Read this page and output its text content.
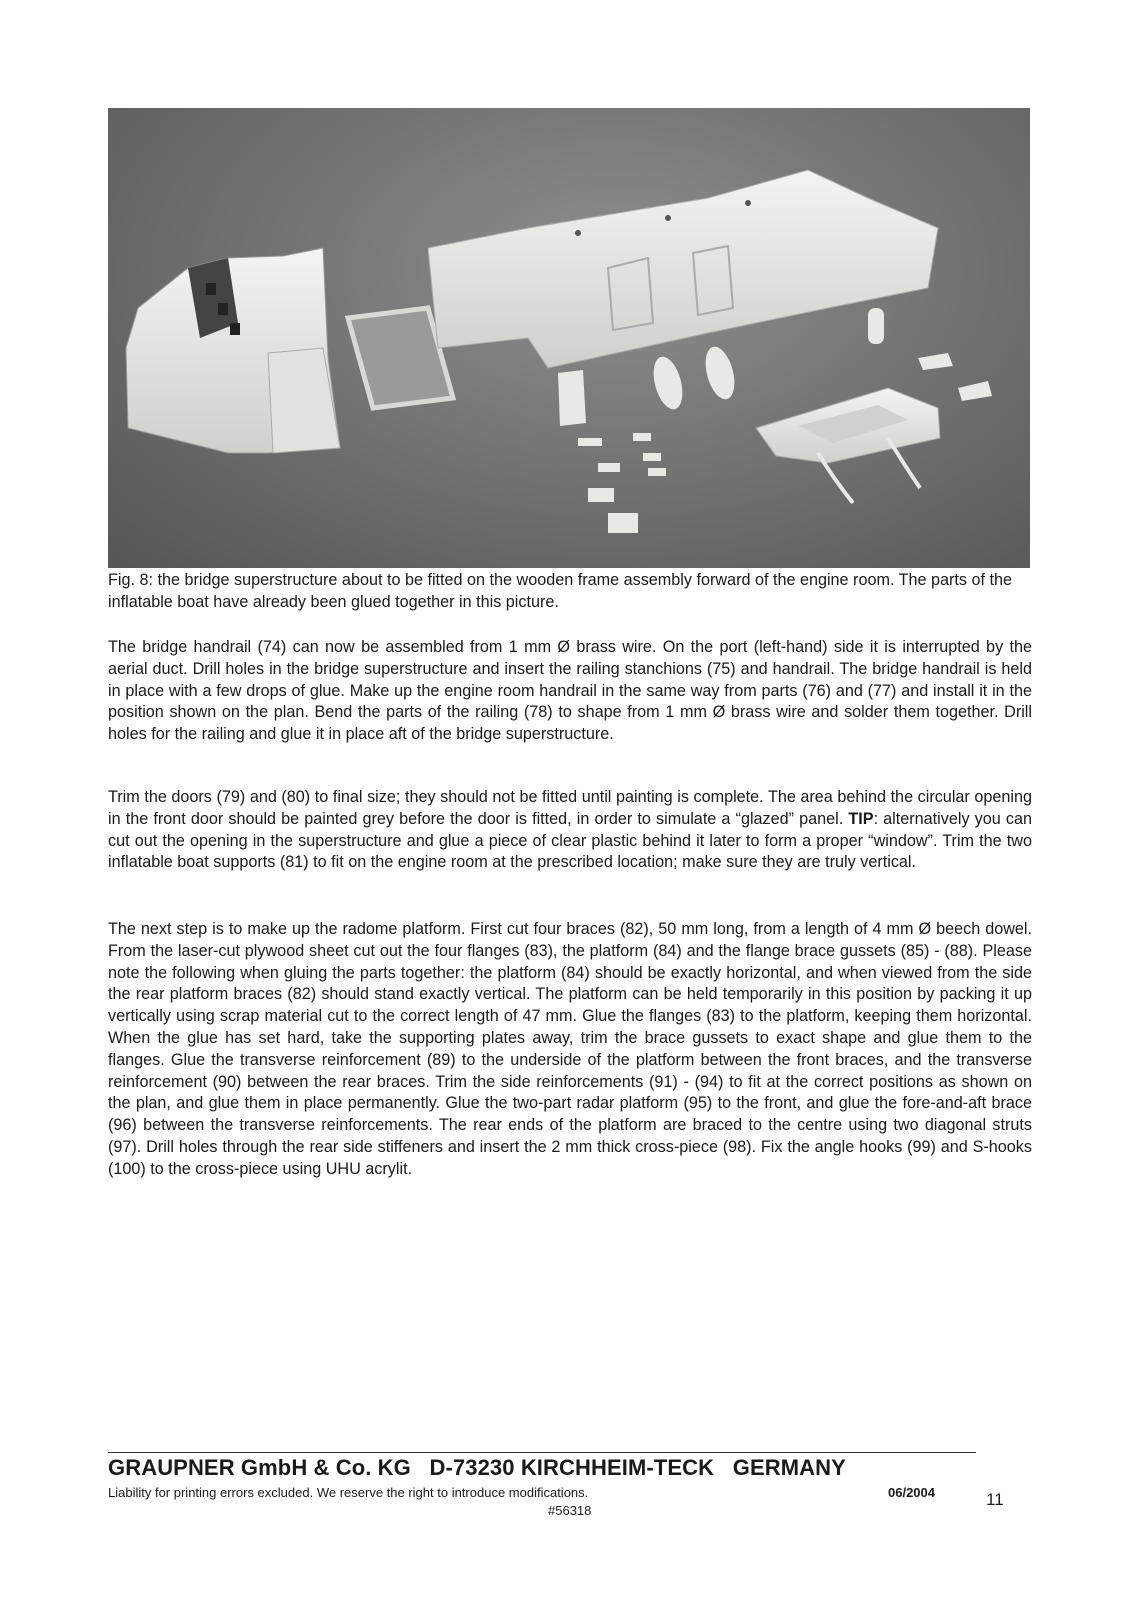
Fig. 8: the bridge superstructure about to be fitted on the wooden frame assembly forward of the engine room. The parts of the inflatable boat have already been glued together in this picture.

The bridge handrail (74) can now be assembled from 1 mm Ø brass wire. On the port (left-hand) side it is interrupted by the aerial duct. Drill holes in the bridge superstructure and insert the railing stanchions (75) and handrail. The bridge handrail is held in place with a few drops of glue. Make up the engine room handrail in the same way from parts (76) and (77) and install it in the position shown on the plan. Bend the parts of the railing (78) to shape from 1 mm Ø brass wire and solder them together. Drill holes for the railing and glue it in place aft of the bridge superstructure.

Trim the doors (79) and (80) to final size; they should not be fitted until painting is complete. The area behind the circular opening in the front door should be painted grey before the door is fitted, in order to simulate a “glazed” panel. TIP: alternatively you can cut out the opening in the superstructure and glue a piece of clear plastic behind it later to form a proper “window”. Trim the two inflatable boat supports (81) to fit on the engine room at the prescribed location; make sure they are truly vertical.

The next step is to make up the radome platform. First cut four braces (82), 50 mm long, from a length of 4 mm Ø beech dowel. From the laser-cut plywood sheet cut out the four flanges (83), the platform (84) and the flange brace gussets (85) - (88). Please note the following when gluing the parts together: the platform (84) should be exactly horizontal, and when viewed from the side the rear platform braces (82) should stand exactly vertical. The platform can be held temporarily in this position by packing it up vertically using scrap material cut to the correct length of 47 mm. Glue the flanges (83) to the platform, keeping them horizontal. When the glue has set hard, take the supporting plates away, trim the brace gussets to exact shape and glue them to the flanges. Glue the transverse reinforcement (89) to the underside of the platform between the front braces, and the transverse reinforcement (90) between the rear braces. Trim the side reinforcements (91) - (94) to fit at the correct positions as shown on the plan, and glue them in place permanently. Glue the two-part radar platform (95) to the front, and glue the fore-and-aft brace (96) between the transverse reinforcements. The rear ends of the platform are braced to the centre using two diagonal struts (97). Drill holes through the rear side stiffeners and insert the 2 mm thick cross-piece (98). Fix the angle hooks (99) and S-hooks (100) to the cross-piece using UHU acrylit.

GRAUPNER GmbH & Co. KG   D-73230 KIRCHHEIM-TECK   GERMANY
Liability for printing errors excluded. We reserve the right to introduce modifications.	06/2004
#56318
11
